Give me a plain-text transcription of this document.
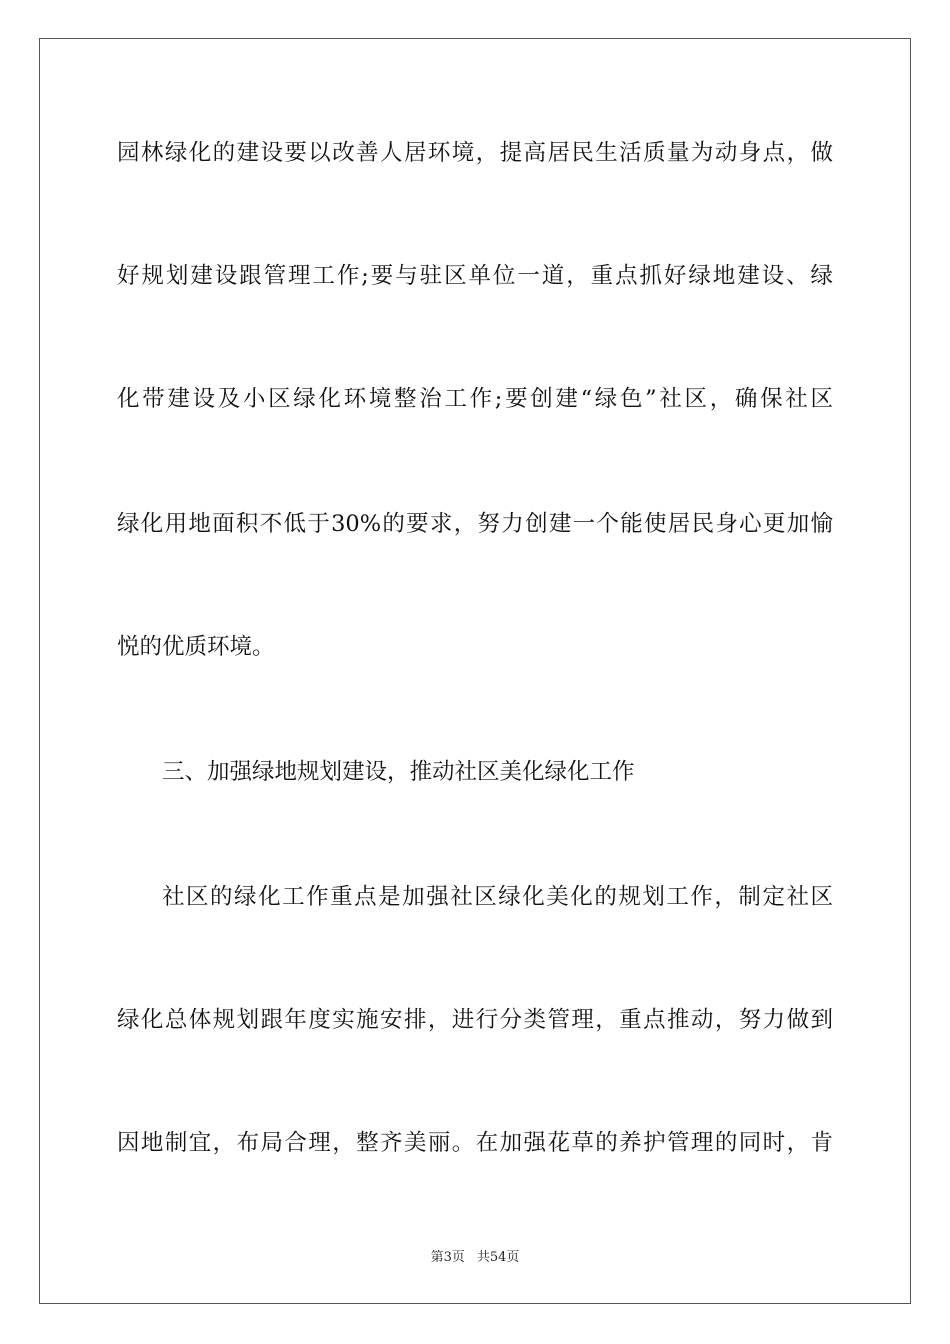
园林绿化的建设要以改善人居环境，提高居民生活质量为动身点，做

好规划建设跟管理工作;要与驻区单位一道，重点抓好绿地建设、绿

化带建设及小区绿化环境整治工作;要创建“绿色”社区，确保社区

绿化用地面积不低于30%的要求，努力创建一个能使居民身心更加愉

悦的优质环境。

三、加强绿地规划建设，推动社区美化绿化工作

社区的绿化工作重点是加强社区绿化美化的规划工作，制定社区

绿化总体规划跟年度实施安排，进行分类管理，重点推动，努力做到

因地制宜，布局合理，整齐美丽。在加强花草的养护管理的同时，肯

第3页 共54页
